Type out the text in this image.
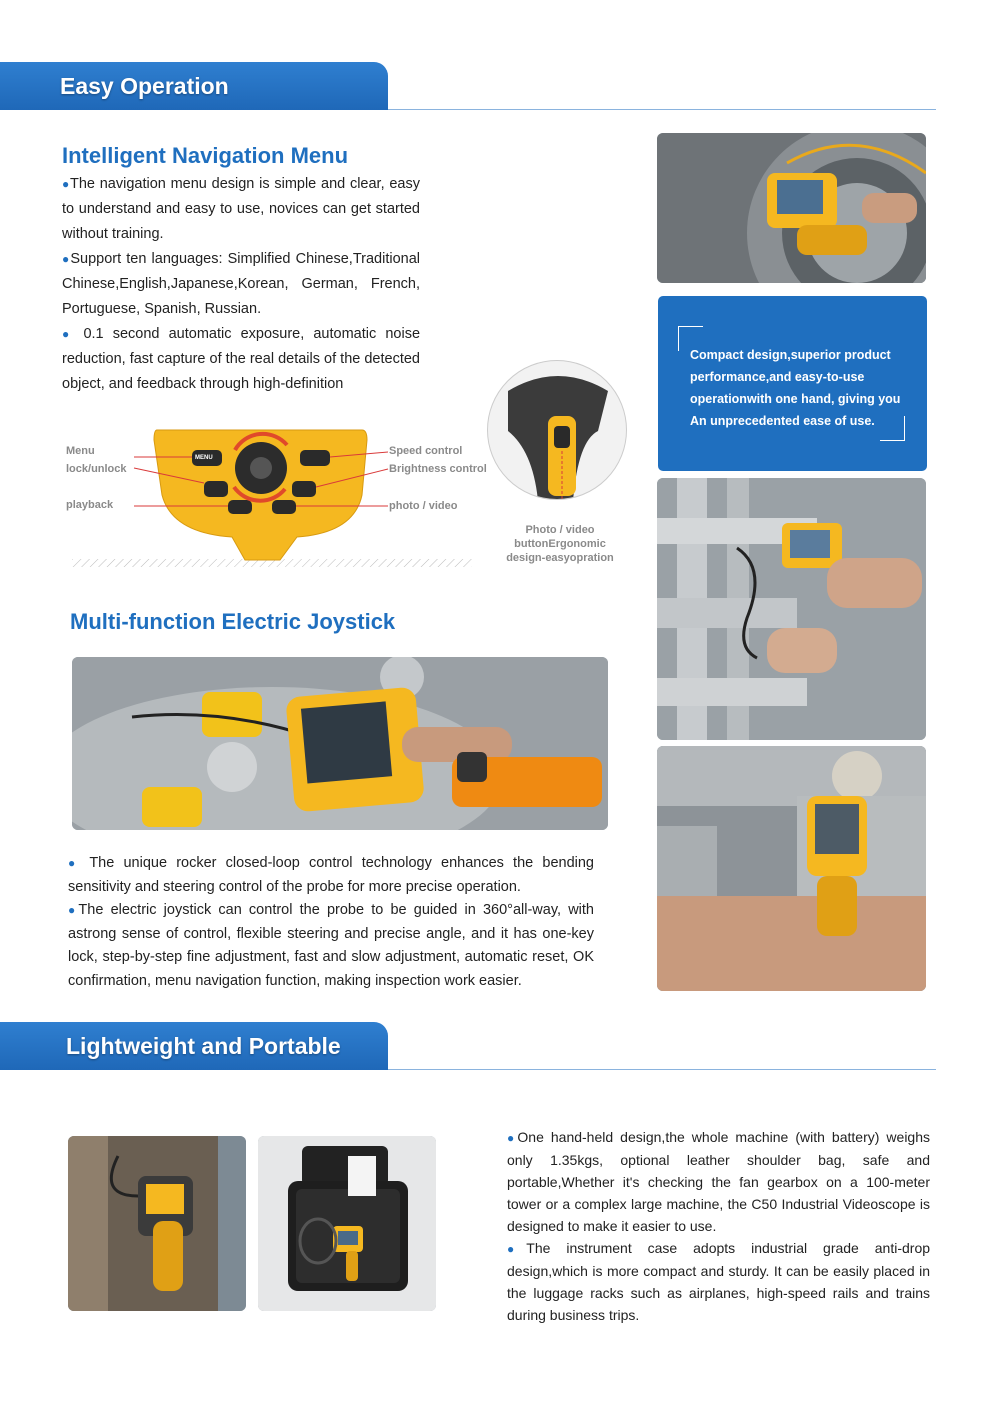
Easy Operation
Intelligent Navigation Menu

●The navigation menu design is simple and clear, easy to understand and easy to use, novices can get started without training.

●Support ten languages: Simplified Chinese,Traditional Chinese,English,Japanese,Korean, German, French, Portuguese, Spanish, Russian.

● 0.1 second automatic exposure, automatic noise reduction, fast capture of the real details of the detected object, and feedback through high-definition

MENU
Menu
lock/unlock
playback
Speed control
Brightness control
photo / video
Photo / video buttonErgonomic design-easyopration
Compact design,superior product performance,and easy-to-use operationwith one hand, giving you An unprecedented ease of use.
Multi-function Electric Joystick

● The unique rocker closed-loop control technology enhances the bending sensitivity and steering control of the probe for more precise operation.

●The electric joystick can control the probe to be guided in 360°all-way, with astrong sense of control, flexible steering and precise angle, and it has one-key lock, step-by-step fine adjustment, fast and slow adjustment, automatic reset, OK confirmation, menu navigation function, making inspection work easier.

Lightweight and Portable

●One hand-held design,the whole machine (with battery) weighs only 1.35kgs, optional leather shoulder bag, safe and portable,Whether it's checking the fan gearbox on a 100-meter tower or a complex large machine, the C50 Industrial Videoscope is designed to make it easier to use.

●The instrument case adopts industrial grade anti-drop design,which is more compact and sturdy. It can be easily placed in the luggage racks such as airplanes, high-speed rails and trains during business trips.
